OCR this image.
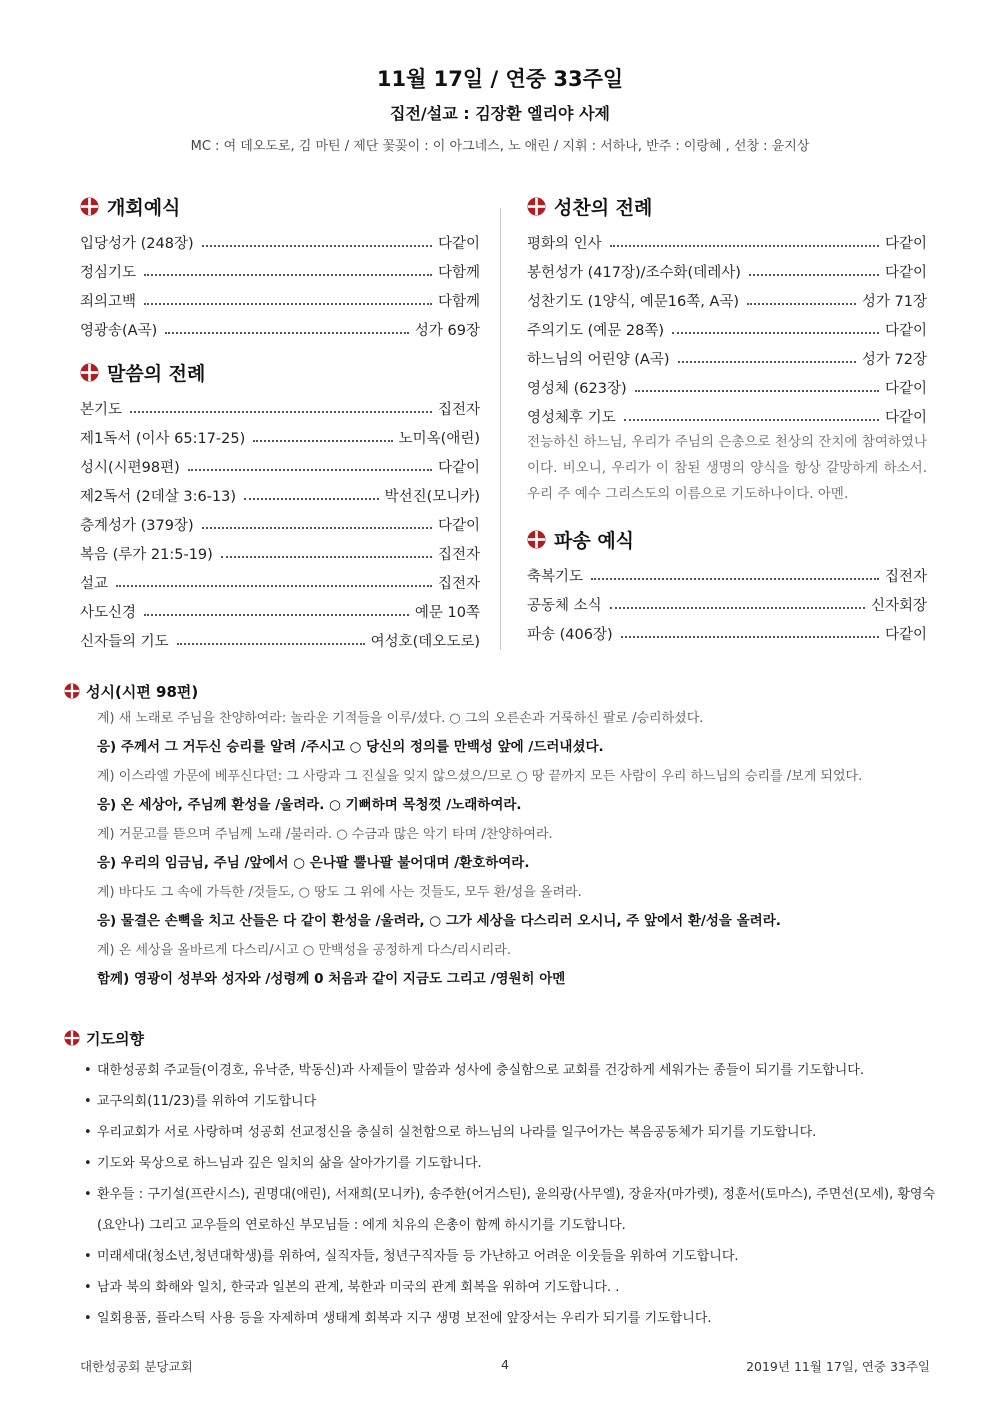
11월 17일 / 연중 33주일
집전/설교 : 김장환 엘리야 사제
MC : 여 데오도로, 김 마틴 / 제단 꽃꽂이 : 이 아그네스, 노 애린 / 지휘 : 서하나, 반주 : 이랑혜 , 선창 : 윤지상
개회예식
입당성가 (248장)	다같이
정심기도	다함께
죄의고백	다함께
영광송(A곡)	성가 69장
말씀의 전례
본기도	집전자
제1독서 (이사 65:17-25)	노미옥(애린)
성시(시편98편)	다같이
제2독서 (2데살 3:6-13)	박선진(모니카)
층계성가 (379장)	다같이
복음 (루가 21:5-19)	집전자
설교	집전자
사도신경	예문 10쪽
신자들의 기도	여성호(데오도로)
성찬의 전례
평화의 인사	다같이
봉헌성가 (417장)/조수화(데레사)	다같이
성찬기도 (1양식, 예문16쪽, A곡)	성가 71장
주의기도 (예문 28쪽)	다같이
하느님의 어린양 (A곡)	성가 72장
영성체 (623장)	다같이
영성체후 기도	다같이
전능하신 하느님, 우리가 주님의 은총으로 천상의 잔치에 참여하였나이다. 비오니, 우리가 이 참된 생명의 양식을 항상 갈망하게 하소서. 우리 주 예수 그리스도의 이름으로 기도하나이다. 아멘.
파송 예식
축복기도	집전자
공동체 소식	신자회장
파송 (406장)	다같이
성시(시편 98편)
계) 새 노래로 주님을 찬양하여라: 놀라운 기적들을 이루/셨다. ○ 그의 오른손과 거룩하신 팔로 /승리하셨다.
응) 주께서 그 거두신 승리를 알려 /주시고 ○ 당신의 정의를 만백성 앞에 /드러내셨다.
계) 이스라엘 가문에 베푸신다던: 그 사랑과 그 진실을 잊지 않으셨으/므로 ○ 땅 끝까지 모든 사람이 우리 하느님의 승리를 /보게 되었다.
응) 온 세상아, 주님께 환성을 /울려라. ○ 기뻐하며 목청껏 /노래하여라.
계) 거문고를 뜯으며 주님께 노래 /불러라. ○ 수금과 많은 악기 타며 /찬양하여라.
응) 우리의 임금님, 주님 /앞에서 ○ 은나팔 뿔나팔 불어대며 /환호하여라.
계) 바다도 그 속에 가득한 /것들도, ○ 땅도 그 위에 사는 것들도, 모두 환/성을 올려라.
응) 물결은 손뼉을 치고 산들은 다 같이 환성을 /울려라, ○ 그가 세상을 다스리러 오시니, 주 앞에서 환/성을 올려라.
계) 온 세상을 올바르게 다스리/시고 ○ 만백성을 공정하게 다스/리시리라.
함께) 영광이 성부와 성자와 /성령께 0 처음과 같이 지금도 그리고 /영원히 아멘
기도의향
• 대한성공회 주교들(이경호, 유낙준, 박동신)과 사제들이 말씀과 성사에 충실함으로 교회를 건강하게 세워가는 종들이 되기를 기도합니다.
• 교구의회(11/23)를 위하여 기도합니다
• 우리교회가 서로 사랑하며 성공회 선교정신을 충실히 실천함으로 하느님의 나라를 일구어가는 복음공동체가 되기를 기도합니다.
• 기도와 묵상으로 하느님과 깊은 일치의 삶을 살아가기를 기도합니다.
• 환우들 : 구기설(프란시스), 권명대(애린), 서재희(모니카), 송주한(어거스틴), 윤의광(사무엘), 장윤자(마가렛), 정훈서(토마스), 주면선(모세), 황영숙(요안나) 그리고 교우들의 연로하신 부모님들 : 에게 치유의 은총이 함께 하시기를 기도합니다.
• 미래세대(청소년,청년대학생)를 위하여, 실직자들, 청년구직자들 등 가난하고 어려운 이웃들을 위하여 기도합니다.
• 남과 북의 화해와 일치, 한국과 일본의 관계, 북한과 미국의 관계 회복을 위하여 기도합니다. .
• 일회용품, 플라스틱 사용 등을 자제하며 생태계 회복과 지구 생명 보전에 앞장서는 우리가 되기를 기도합니다.
대한성공회 분당교회	4	2019년 11월 17일, 연중 33주일
